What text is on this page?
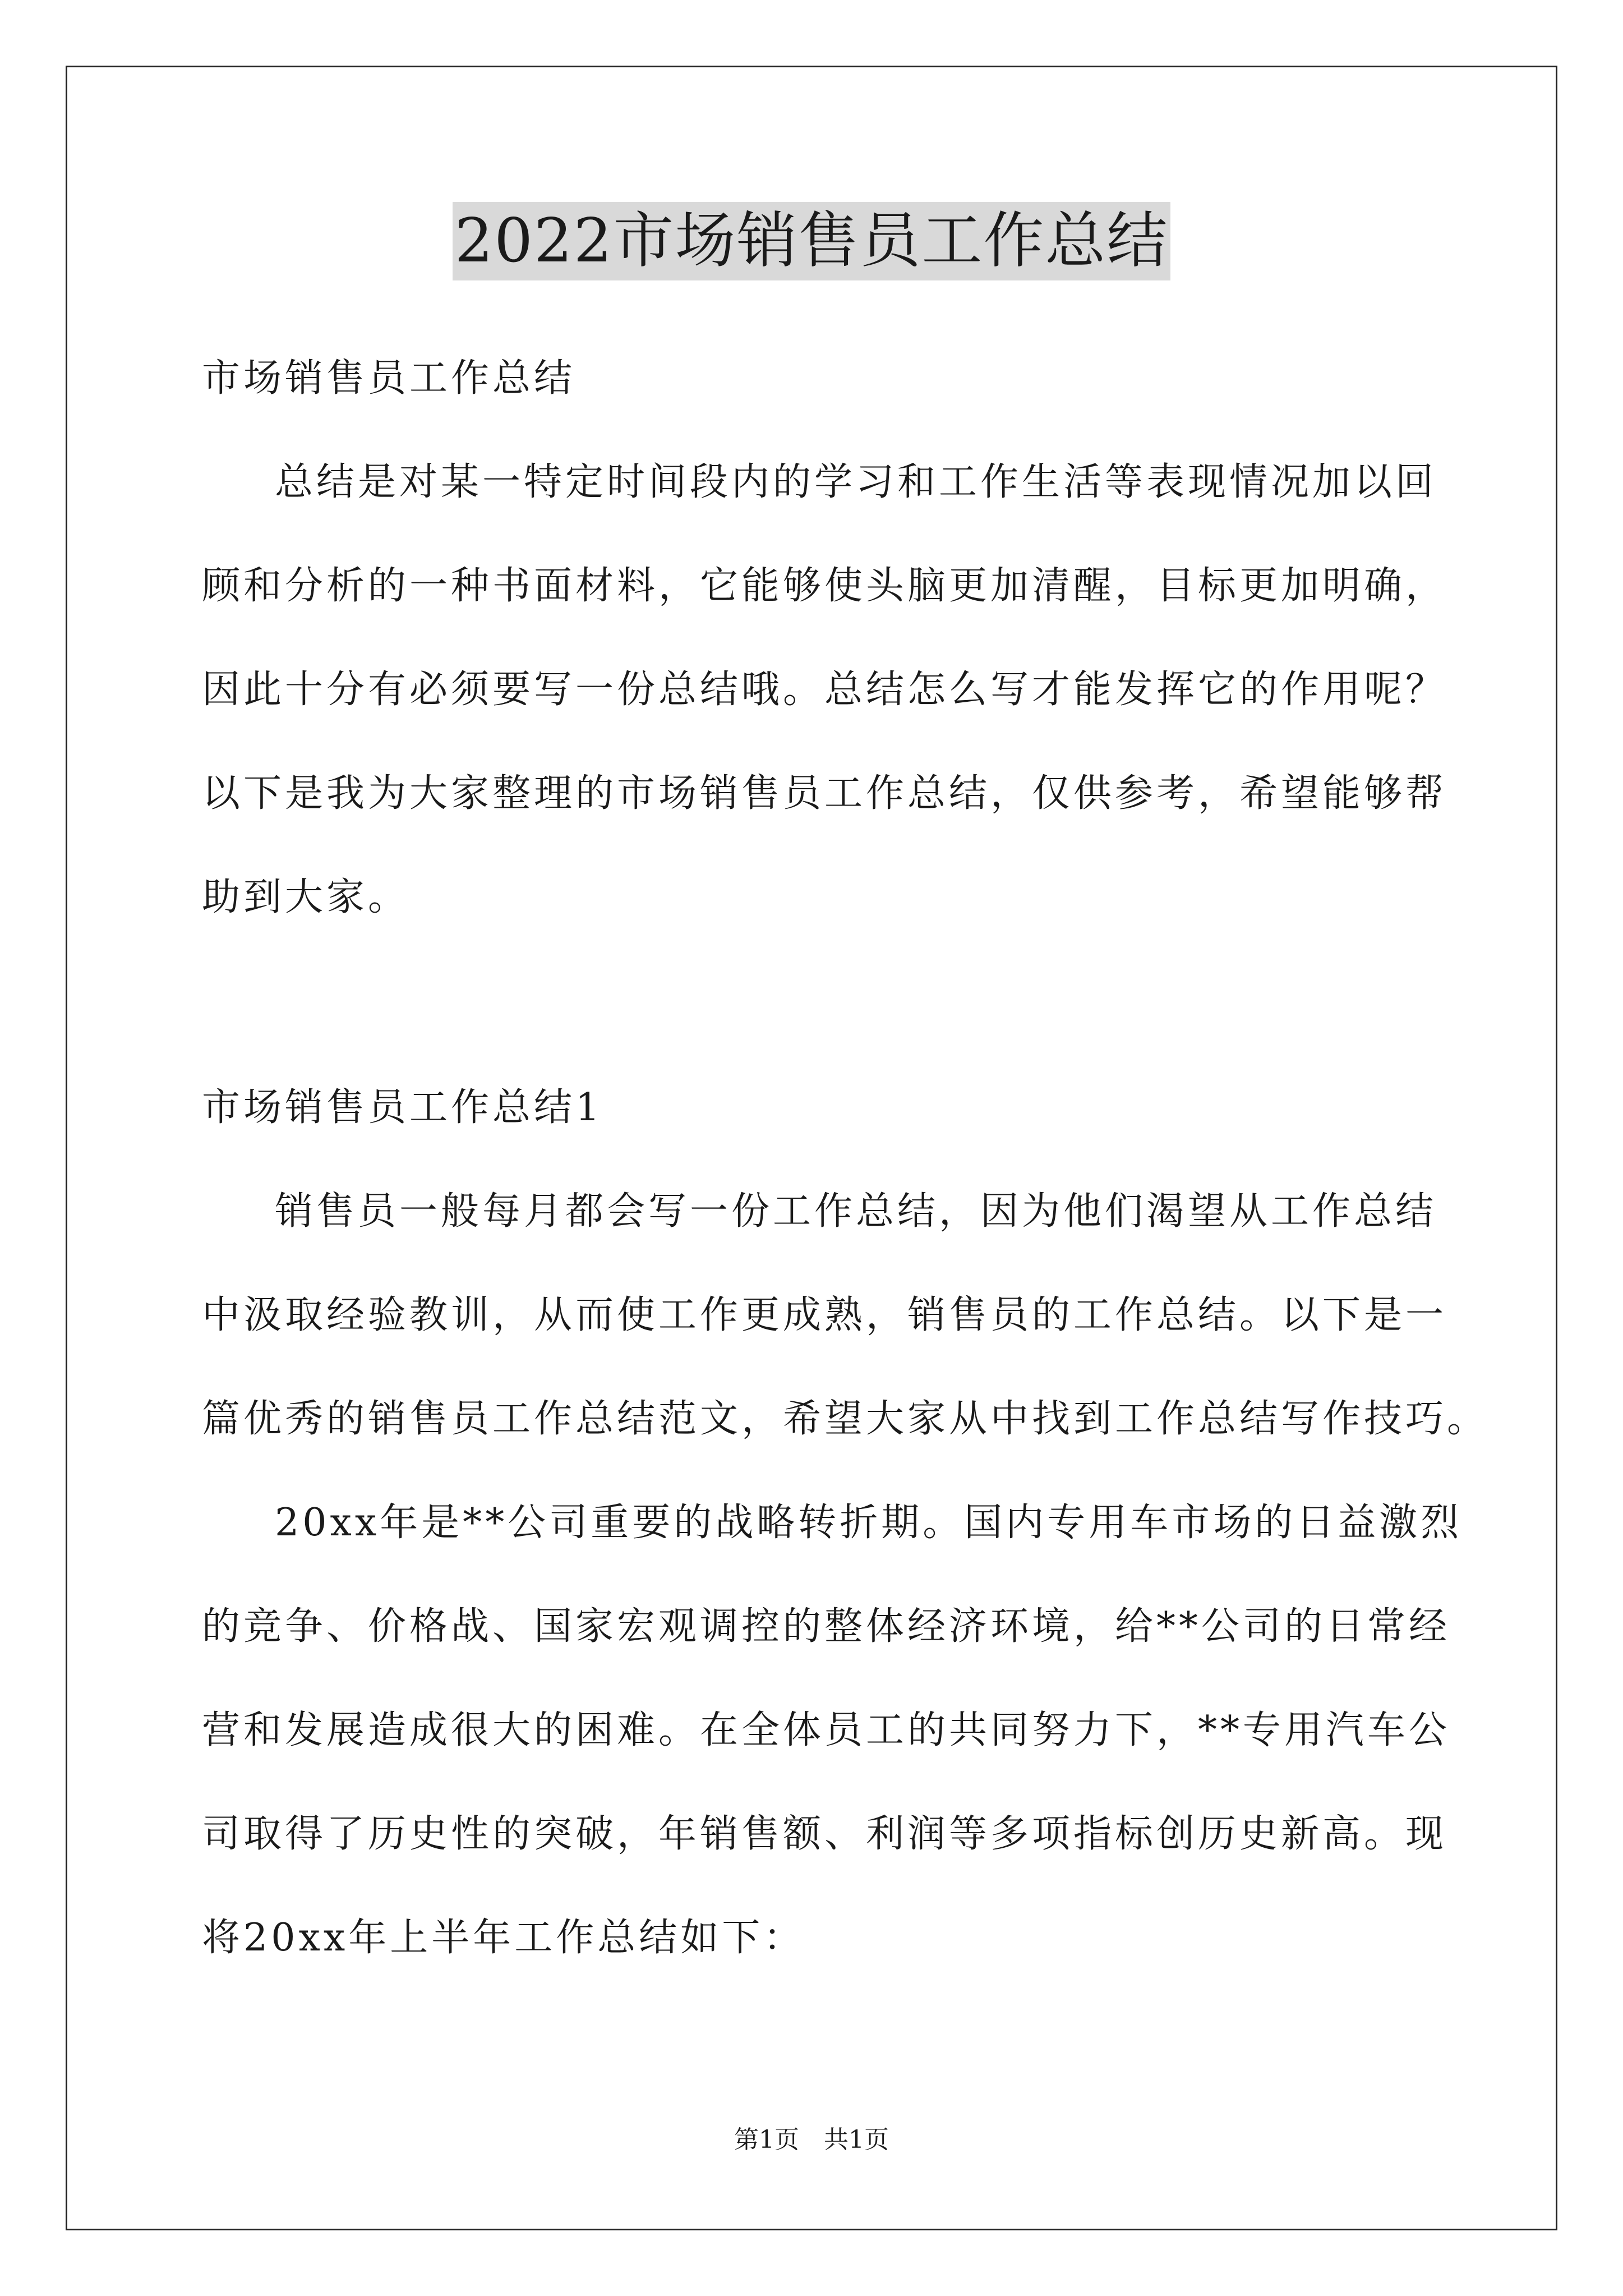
2022市场销售员工作总结
市场销售员工作总结
总结是对某一特定时间段内的学习和工作生活等表现情况加以回
顾和分析的一种书面材料，它能够使头脑更加清醒，目标更加明确，
因此十分有必须要写一份总结哦。总结怎么写才能发挥它的作用呢？
以下是我为大家整理的市场销售员工作总结，仅供参考，希望能够帮
助到大家。
市场销售员工作总结1
销售员一般每月都会写一份工作总结，因为他们渴望从工作总结
中汲取经验教训，从而使工作更成熟，销售员的工作总结。以下是一
篇优秀的销售员工作总结范文，希望大家从中找到工作总结写作技巧。
20xx年是**公司重要的战略转折期。国内专用车市场的日益激烈
的竞争、价格战、国家宏观调控的整体经济环境，给**公司的日常经
营和发展造成很大的困难。在全体员工的共同努力下，**专用汽车公
司取得了历史性的突破，年销售额、利润等多项指标创历史新高。现
将20xx年上半年工作总结如下：
第1页　共1页
